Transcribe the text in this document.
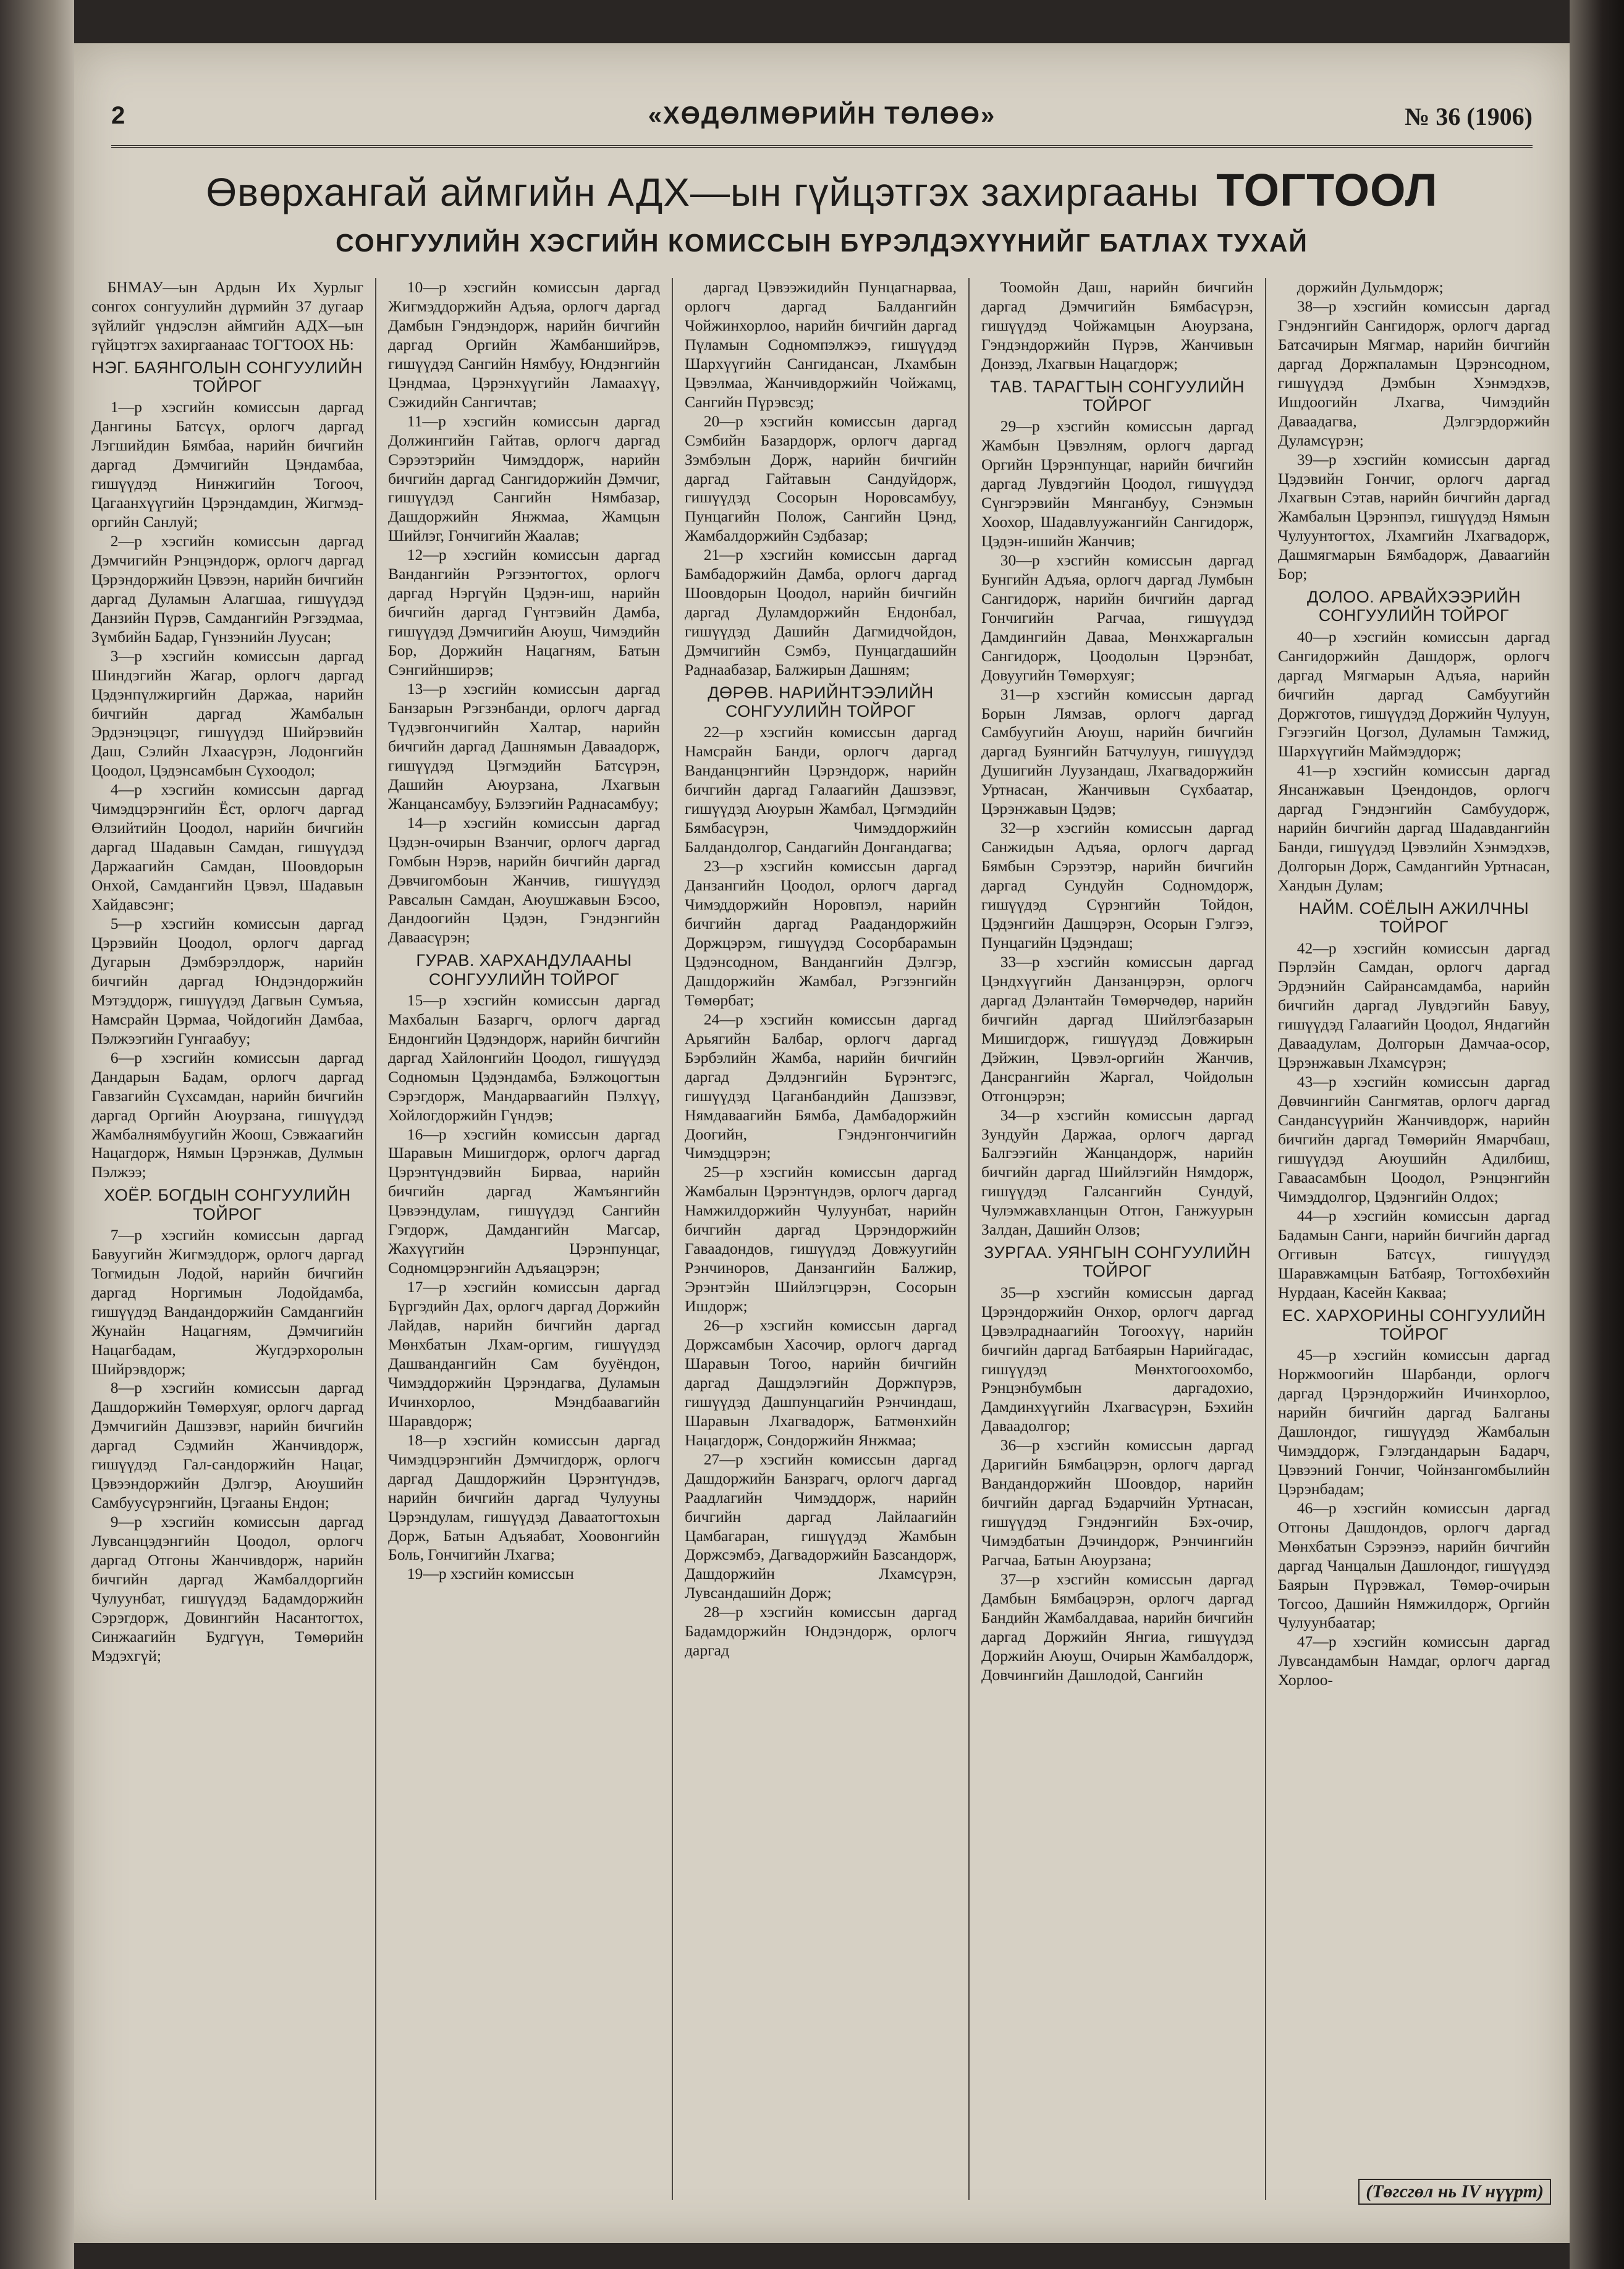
2	«ХӨДӨЛМӨРИЙН ТӨЛӨӨ»	№ 36 (1906)
Өвөрхангай аймгийн АДХ—ын гүйцэтгэх захиргааны ТОГТООЛ
СОНГУУЛИЙН ХЭСГИЙН КОМИССЫН БҮРЭЛДЭХҮҮНИЙГ БАТЛАХ ТУХАЙ

БНМАУ—ын Ардын Их Хурлыг сонгох сонгуулийн дүрмийн 37 дугаар зүйлийг үндэслэн аймгийн АДХ—ын гүйцэтгэх захиргаанаас ТОГТООХ НЬ:

НЭГ. БАЯНГОЛЫН СОНГУУЛИЙН ТОЙРОГ

1—р хэсгийн комиссын даргад Дангины Батсүх, орлогч даргад Лэгшийдин Бямбаа, нарийн бичгийн даргад Дэмчигийн Цэндамбаа, гишүүдэд Нинжигийн Тогооч, Цагаанхүүгийн Цэрэндамдин, Жигмэд-оргийн Санлуй;

2—р хэсгийн комиссын даргад Дэмчигийн Рэнцэндорж, орлогч даргад Цэрэндоржийн Цэвээн, нарийн бичгийн даргад Дуламын Алагшаа, гишүүдэд Данзийн Пүрэв, Самдангийн Рэгзэдмаа, Зүмбийн Бадар, Гүнзэнийн Луусан;

3—р хэсгийн комиссын даргад Шиндэгийн Жагар, орлогч даргад Цэдэнпүлжиргийн Даржаа, нарийн бичгийн даргад Жамбалын Эрдэнэцэцэг, гишүүдэд Шийрэвийн Даш, Сэлийн Лхаасүрэн, Лодонгийн Цоодол, Цэдэнсамбын Сүхоодол;

4—р хэсгийн комиссын даргад Чимэдцэрэнгийн Ёст, орлогч даргад Өлзийтийн Цоодол, нарийн бичгийн даргад Шадавын Самдан, гишүүдэд Даржаагийн Самдан, Шоовдорын Онхой, Самдангийн Цэвэл, Шадавын Хайдавсэнг;

5—р хэсгийн комиссын даргад Цэрэвийн Цоодол, орлогч даргад Дугарын Дэмбэрэлдорж, нарийн бичгийн даргад Юндэндоржийн Мэтэддорж, гишүүдэд Дагвын Сумъяа, Намсрайн Цэрмаа, Чойдогийн Дамбаа, Пэлжээгийн Гунгаабуу;

6—р хэсгийн комиссын даргад Дандарын Бадам, орлогч даргад Гавзагийн Сүхсамдан, нарийн бичгийн даргад Оргийн Аюурзана, гишүүдэд Жамбалнямбуугийн Жоош, Сэвжаагийн Нацагдорж, Нямын Цэрэнжав, Дулмын Пэлжээ;

ХОЁР. БОГДЫН СОНГУУЛИЙН ТОЙРОГ

7—р хэсгийн комиссын даргад Бавуугийн Жигмэддорж, орлогч даргад Тогмидын Лодой, нарийн бичгийн даргад Норгимын Лодойдамба, гишүүдэд Вандандоржийн Самдангийн Жунайн Нацагням, Дэмчигийн Нацагбадам, Жугдэрхоролын Шийрэвдорж;

8—р хэсгийн комиссын даргад Дашдоржийн Төмөрхуяг, орлогч даргад Дэмчигийн Дашзэвэг, нарийн бичгийн даргад Сэдмийн Жанчивдорж, гишүүдэд Гал-сандоржийн Нацаг, Цэвээндоржийн Дэлгэр, Аюушийн Самбуусүрэнгийн, Цэгааны Ендон;

9—р хэсгийн комиссын даргад Лувсанцэдэнгийн Цоодол, орлогч даргад Отгоны Жанчивдорж, нарийн бичгийн даргад Жамбалдоргийн Чулуунбат, гишүүдэд Бадамдоржийн Сэрэгдорж, Довингийн Насантогтох, Синжаагийн Будгүүн, Төмөрийн Мэдэхгүй;

10—р хэсгийн комиссын даргад Жигмэддоржийн Адъяа, орлогч даргад Дамбын Гэндэндорж, нарийн бичгийн даргад Оргийн Жамбаншийрэв, гишүүдэд Сангийн Нямбуу, Юндэнгийн Цэндмаа, Цэрэнхүүгийн Ламаахүү, Сэжидийн Сангичтав;

11—р хэсгийн комиссын даргад Должингийн Гайтав, орлогч даргад Сэрээтэрийн Чимэддорж, нарийн бичгийн даргад Сангидоржийн Дэмчиг, гишүүдэд Сангийн Нямбазар, Дашдоржийн Янжмаа, Жамцын Шийлэг, Гончигийн Жаалав;

12—р хэсгийн комиссын даргад Вандангийн Рэгзэнтогтох, орлогч даргад Нэргүйн Цэдэн-иш, нарийн бичгийн даргад Гүнтэвийн Дамба, гишүүдэд Дэмчигийн Аюуш, Чимэдийн Бор, Доржийн Нацагням, Батын Сэнгийнширэв;

13—р хэсгийн комиссын даргад Банзарын Рэгзэнбанди, орлогч даргад Түдэвгончигийн Халтар, нарийн бичгийн даргад Дашнямын Даваадорж, гишүүдэд Цэгмэдийн Батсүрэн, Дашийн Аюурзана, Лхагвын Жанцансамбуу, Бэлзэгийн Раднасамбуу;

14—р хэсгийн комиссын даргад Цэдэн-очирын Взанчиг, орлогч даргад Гомбын Нэрэв, нарийн бичгийн даргад Дэвчигомбоын Жанчив, гишүүдэд Равсалын Самдан, Аюушжавын Бэсоо, Дандоогийн Цэдэн, Гэндэнгийн Даваасүрэн;

ГУРАВ. ХАРХАНДУЛААНЫ СОНГУУЛИЙН ТОЙРОГ

15—р хэсгийн комиссын даргад Махбалын Базаргч, орлогч даргад Ендонгийн Цэдэндорж, нарийн бичгийн даргад Хайлонгийн Цоодол, гишүүдэд Содномын Цэдэндамба, Бэлжоцогтын Сэрэгдорж, Мандарваагийн Пэлхүү, Хойлогдоржийн Гүндэв;

16—р хэсгийн комиссын даргад Шаравын Мишигдорж, орлогч даргад Цэрэнтүндэвийн Бирваа, нарийн бичгийн даргад Жамъянгийн Цэвээндулам, гишүүдэд Сангийн Гэгдорж, Дамдангийн Магсар, Жахүүгийн Цэрэнпунцаг, Содномцэрэнгийн Адъяацэрэн;

17—р хэсгийн комиссын даргад Бүргэдийн Дах, орлогч даргад Доржийн Лайдав, нарийн бичгийн даргад Мөнхбатын Лхам-оргим, гишүүдэд Дашвандангийн Сам бууёндон, Чимэддоржийн Цэрэндагва, Дуламын Ичинхорлоо, Мэндбаавагийн Шаравдорж;

18—р хэсгийн комиссын даргад Чимэдцэрэнгийн Дэмчигдорж, орлогч даргад Дашдоржийн Цэрэнтүндэв, нарийн бичгийн даргад Чулууны Цэрэндулам, гишүүдэд Даваатогтохын Дорж, Батын Адъяабат, Хоовонгийн Боль, Гончигийн Лхагва;

19—р хэсгийн комиссын

даргад Цэвээжидийн Пунцагнарваа, орлогч даргад Балдангийн Чойжинхорлоо, нарийн бичгийн даргад Пүламын Содномпэлжээ, гишүүдэд Шархүүгийн Сангидансан, Лхамбын Цэвэлмаа, Жанчивдоржийн Чойжамц, Сангийн Пүрэвсэд;

20—р хэсгийн комиссын даргад Сэмбийн Базардорж, орлогч даргад Зэмбэлын Дорж, нарийн бичгийн даргад Гайтавын Сандуйдорж, гишүүдэд Сосорын Норовсамбуу, Пунцагийн Полож, Сангийн Цэнд, Жамбалдоржийн Сэдбазар;

21—р хэсгийн комиссын даргад Бамбадоржийн Дамба, орлогч даргад Шоовдорын Цоодол, нарийн бичгийн даргад Дуламдоржийн Ендонбал, гишүүдэд Дашийн Дагмидчойдон, Дэмчигийн Сэмбэ, Пунцагдашийн Раднаабазар, Балжирын Дашням;

ДӨРӨВ. НАРИЙНТЭЭЛИЙН СОНГУУЛИЙН ТОЙРОГ

22—р хэсгийн комиссын даргад Намсрайн Банди, орлогч даргад Ванданцэнгийн Цэрэндорж, нарийн бичгийн даргад Галаагийн Дашзэвэг, гишүүдэд Аюурын Жамбал, Цэгмэдийн Бямбасүрэн, Чимэддоржийн Балдандолгор, Сандагийн Донгандагва;

23—р хэсгийн комиссын даргад Данзангийн Цоодол, орлогч даргад Чимэддоржийн Норовпэл, нарийн бичгийн даргад Раадандоржийн Доржцэрэм, гишүүдэд Сосорбарамын Цэдэнсодном, Вандангийн Дэлгэр, Дашдоржийн Жамбал, Рэгзэнгийн Төмөрбат;

24—р хэсгийн комиссын даргад Арьягийн Балбар, орлогч даргад Бэрбэлийн Жамба, нарийн бичгийн даргад Дэлдэнгийн Бүрэнтэгс, гишүүдэд Цаганбандийн Дашзэвэг, Нямдаваагийн Бямба, Дамбадоржийн Доогийн, Гэндэнгончигийн Чимэдцэрэн;

25—р хэсгийн комиссын даргад Жамбалын Цэрэнтүндэв, орлогч даргад Намжилдоржийн Чулуунбат, нарийн бичгийн даргад Цэрэндоржийн Гаваадондов, гишүүдэд Довжуугийн Рэнчиноров, Данзангийн Балжир, Эрэнтэйн Шийлэгцэрэн, Сосорын Ишдорж;

26—р хэсгийн комиссын даргад Доржсамбын Хасочир, орлогч даргад Шаравын Тогоо, нарийн бичгийн даргад Дашдэлэгийн Доржпүрэв, гишүүдэд Дашпунцагийн Рэнчиндаш, Шаравын Лхагвадорж, Батмөнхийн Нацагдорж, Сондоржийн Янжмаа;

27—р хэсгийн комиссын даргад Дашдоржийн Банзрагч, орлогч даргад Раадлагийн Чимэддорж, нарийн бичгийн даргад Лайлаагийн Цамбагаран, гишүүдэд Жамбын Доржсэмбэ, Дагвадоржийн Базсандорж, Дашдоржийн Лхамсүрэн, Лувсандашийн Дорж;

28—р хэсгийн комиссын даргад Бадамдоржийн Юндэндорж, орлогч даргад

Тоомойн Даш, нарийн бичгийн даргад Дэмчигийн Бямбасүрэн, гишүүдэд Чойжамцын Аюурзана, Гэндэндоржийн Пүрэв, Жанчивын Донзэд, Лхагвын Нацагдорж;

ТАВ. ТАРАГТЫН СОНГУУЛИЙН ТОЙРОГ

29—р хэсгийн комиссын даргад Жамбын Цэвэлням, орлогч даргад Оргийн Цэрэнпунцаг, нарийн бичгийн даргад Лувдэгийн Цоодол, гишүүдэд Сүнгэрэвийн Мянганбуу, Сэнэмын Хоохор, Шадавлуужангийн Сангидорж, Цэдэн-ишийн Жанчив;

30—р хэсгийн комиссын даргад Бунгийн Адъяа, орлогч даргад Лумбын Сангидорж, нарийн бичгийн даргад Гончигийн Рагчаа, гишүүдэд Дамдингийн Даваа, Мөнхжаргалын Сангидорж, Цоодолын Цэрэнбат, Довуугийн Төмөрхуяг;

31—р хэсгийн комиссын даргад Борын Лямзав, орлогч даргад Самбуугийн Аюуш, нарийн бичгийн даргад Буянгийн Батчулуун, гишүүдэд Душигийн Луузандаш, Лхагвадоржийн Уртнасан, Жанчивын Сүхбаатар, Цэрэнжавын Цэдэв;

32—р хэсгийн комиссын даргад Санжидын Адъяа, орлогч даргад Бямбын Сэрээтэр, нарийн бичгийн даргад Сундуйн Содномдорж, гишүүдэд Сүрэнгийн Тойдон, Цэдэнгийн Дашцэрэн, Осорын Гэлгээ, Пунцагийн Цэдэндаш;

33—р хэсгийн комиссын даргад Цэндхүүгийн Данзанцэрэн, орлогч даргад Дэлантайн Төмөрчөдөр, нарийн бичгийн даргад Шийлэгбазарын Мишигдорж, гишүүдэд Довжирын Дэйжин, Цэвэл-оргийн Жанчив, Дансрангийн Жаргал, Чойдолын Отгонцэрэн;

34—р хэсгийн комиссын даргад Зундуйн Даржаа, орлогч даргад Балгээгийн Жанцандорж, нарийн бичгийн даргад Шийлэгийн Нямдорж, гишүүдэд Галсангийн Сундуй, Чулэмжавхланцын Отгон, Ганжуурын Залдан, Дашийн Олзов;

ЗУРГАА. УЯНГЫН СОНГУУЛИЙН ТОЙРОГ

35—р хэсгийн комиссын даргад Цэрэндоржийн Онхор, орлогч даргад Цэвэлраднаагийн Тогоохүү, нарийн бичгийн даргад Батбаярын Нарийгадас, гишүүдэд Мөнхтогоохомбо, Рэнцэнбумбын даргадохио, Дамдинхүүгийн Лхагвасүрэн, Бэхийн Даваадолгор;

36—р хэсгийн комиссын даргад Даригийн Бямбацэрэн, орлогч даргад Вандандоржийн Шоовдор, нарийн бичгийн даргад Бэдарчийн Уртнасан, гишүүдэд Гэндэнгийн Бэх-очир, Чимэдбатын Дэчиндорж, Рэнчингийн Рагчаа, Батын Аюурзана;

37—р хэсгийн комиссын даргад Дамбын Бямбацэрэн, орлогч даргад Бандийн Жамбалдаваа, нарийн бичгийн даргад Доржийн Янгиа, гишүүдэд Доржийн Аюуш, Очирын Жамбалдорж, Довчингийн Дашлодой, Сангийн

доржийн Дульмдорж;

38—р хэсгийн комиссын даргад Гэндэнгийн Сангидорж, орлогч даргад Батсачирын Мягмар, нарийн бичгийн даргад Доржпаламын Цэрэнсодном, гишүүдэд Дэмбын Хэнмэдхэв, Ишдоогийн Лхагва, Чимэдийн Даваадагва, Дэлгэрдоржийн Дуламсүрэн;

39—р хэсгийн комиссын даргад Цэдэвийн Гончиг, орлогч даргад Лхагвын Сэтав, нарийн бичгийн даргад Жамбалын Цэрэнпэл, гишүүдэд Нямын Чулуунтогтох, Лхамгийн Лхагвадорж, Дашмягмарын Бямбадорж, Даваагийн Бор;

ДОЛОО. АРВАЙХЭЭРИЙН СОНГУУЛИЙН ТОЙРОГ

40—р хэсгийн комиссын даргад Сангидоржийн Дашдорж, орлогч даргад Мягмарын Адъяа, нарийн бичгийн даргад Самбуугийн Доржготов, гишүүдэд Доржийн Чулуун, Гэгээгийн Цогзол, Дуламын Тамжид, Шархүүгийн Маймэддорж;

41—р хэсгийн комиссын даргад Янсанжавын Цэендондов, орлогч даргад Гэндэнгийн Самбуудорж, нарийн бичгийн даргад Шадавдангийн Банди, гишүүдэд Цэвэлийн Хэнмэдхэв, Долгорын Дорж, Самдангийн Уртнасан, Хандын Дулам;

НАЙМ. СОЁЛЫН АЖИЛЧНЫ ТОЙРОГ

42—р хэсгийн комиссын даргад Пэрлэйн Самдан, орлогч даргад Эрдэнийн Сайрансамдамба, нарийн бичгийн даргад Лувдэгийн Бавуу, гишүүдэд Галаагийн Цоодол, Яндагийн Даваадулам, Долгорын Дамчаа-осор, Цэрэнжавын Лхамсүрэн;

43—р хэсгийн комиссын даргад Дөвчингийн Сангмятав, орлогч даргад Сандансүүрийн Жанчивдорж, нарийн бичгийн даргад Төмөрийн Ямарчбаш, гишүүдэд Аюушийн Адилбиш, Гаваасамбын Цоодол, Рэнцэнгийн Чимэддолгор, Цэдэнгийн Олдох;

44—р хэсгийн комиссын даргад Бадамын Санги, нарийн бичгийн даргад Оггивын Батсүх, гишүүдэд Шаравжамцын Батбаяр, Тогтохбөхийн Нурдаан, Касейн Какваа;

ЕС. ХАРХОРИНЫ СОНГУУЛИЙН ТОЙРОГ

45—р хэсгийн комиссын даргад Норжмоогийн Шарбанди, орлогч даргад Цэрэндоржийн Ичинхорлоо, нарийн бичгийн даргад Балганы Дашлондог, гишүүдэд Жамбалын Чимэддорж, Гэлэгдандарын Бадарч, Цэвээний Гончиг, Чойнзангомбылийн Цэрэнбадам;

46—р хэсгийн комиссын даргад Отгоны Дашдондов, орлогч даргад Мөнхбатын Сэрээнээ, нарийн бичгийн даргад Чанцалын Дашлондог, гишүүдэд Баярын Пүрэвжал, Төмөр-очирын Тогсоо, Дашийн Нямжилдорж, Оргийн Чулуунбаатар;

47—р хэсгийн комиссын даргад Лувсандамбын Намдаг, орлогч даргад Хорлоо-

(Төгсгөл нь IV нүүрт)
